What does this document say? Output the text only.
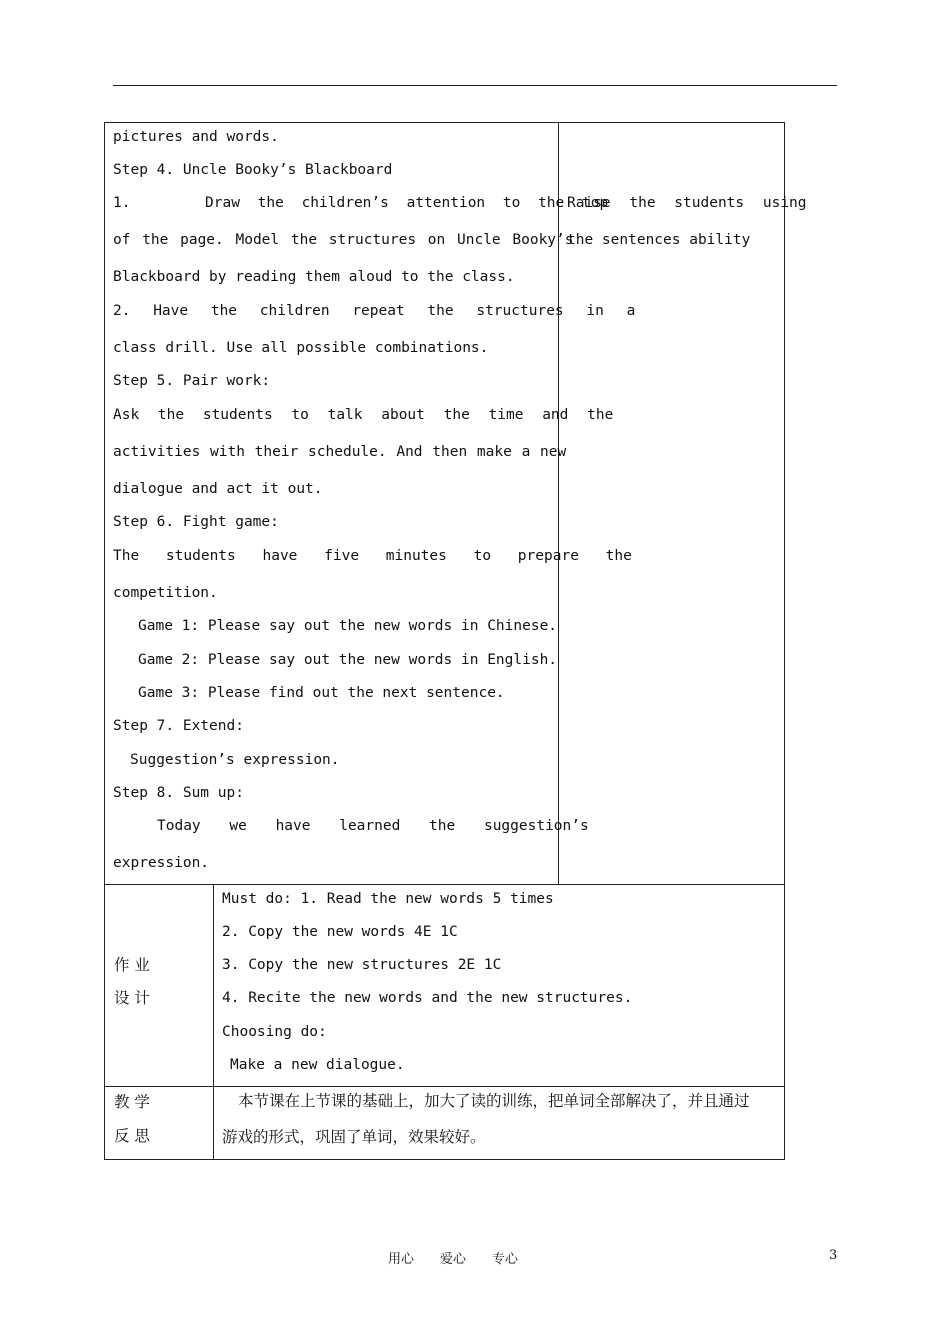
pictures and words.
Step 4. Uncle Booky’s Blackboard
1.	Draw the children’s attention to the top
of the page. Model the structures on Uncle Booky’s
Blackboard by reading them aloud to the class.
2. Have the children repeat the structures in a
class drill. Use all possible combinations.
Step 5. Pair work:
Ask the students to talk about the time and the
activities with their schedule. And then make a new
dialogue and act it out.
Step 6. Fight game:
The students have five minutes to prepare the
competition.
Game 1: Please say out the new words in Chinese.
Game 2: Please say out the new words in English.
Game 3: Please find out the next sentence.
Step 7. Extend:
Suggestion’s expression.
Step 8. Sum up:
Today we have learned the suggestion’s
expression.
Raise the students using
the sentences ability
作 业
设 计
Must do: 1. Read the new words 5 times
2. Copy the new words 4E 1C
3. Copy the new structures 2E 1C
4. Recite the new words and the new structures.
Choosing do:
Make a new dialogue.
教 学
反 思
本节课在上节课的基础上，加大了读的训练，把单词全部解决了，并且通过
游戏的形式，巩固了单词，效果较好。
用心　　爱心　　专心	3
